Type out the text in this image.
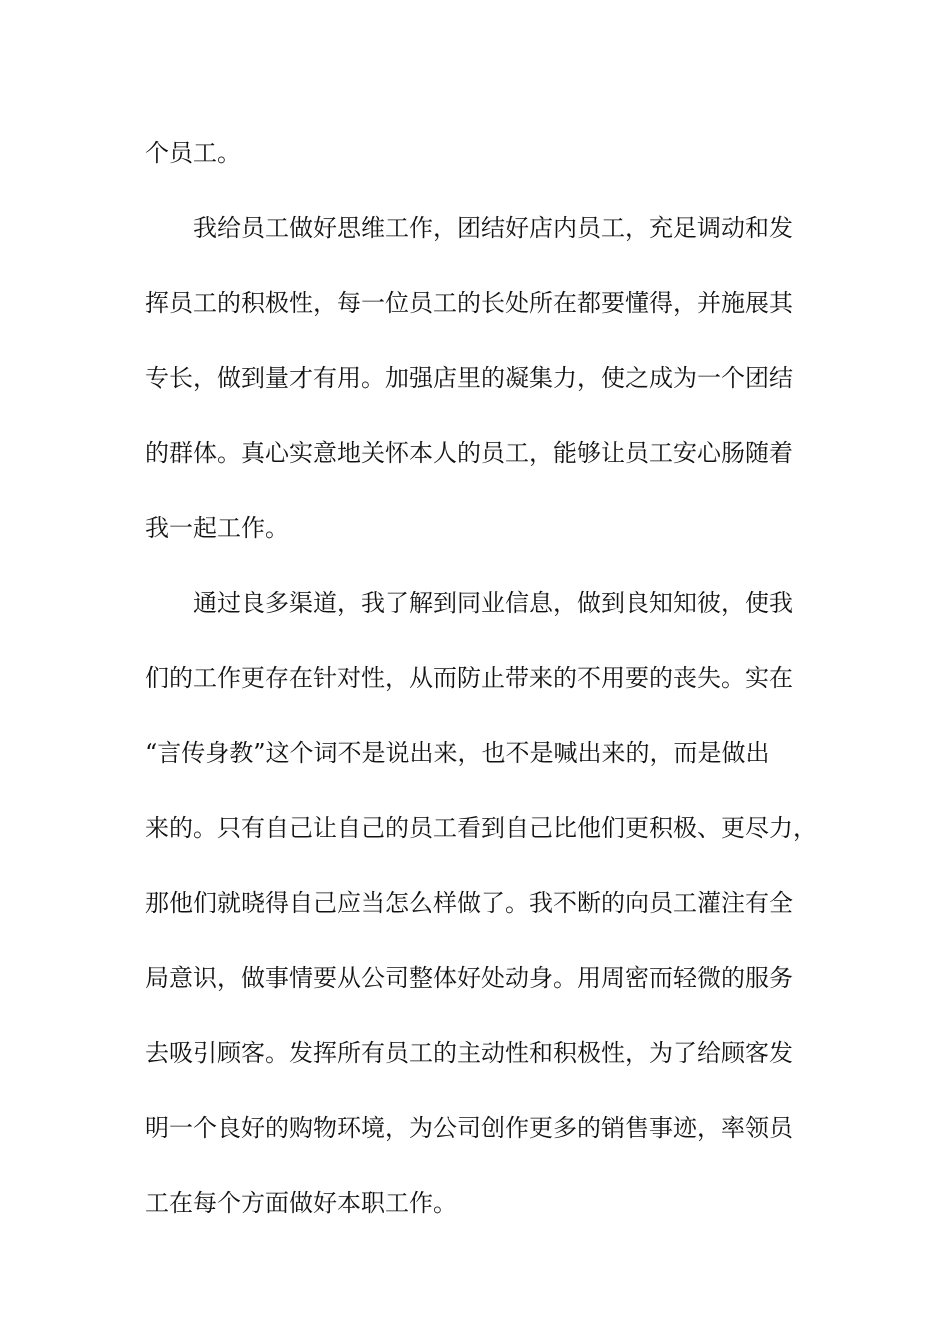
个员工。
我给员工做好思维工作，团结好店内员工，充足调动和发
挥员工的积极性，每一位员工的长处所在都要懂得，并施展其
专长，做到量才有用。加强店里的凝集力，使之成为一个团结
的群体。真心实意地关怀本人的员工，能够让员工安心肠随着
我一起工作。
通过良多渠道，我了解到同业信息，做到良知知彼，使我
们的工作更存在针对性，从而防止带来的不用要的丧失。实在
“言传身教”这个词不是说出来，也不是喊出来的，而是做出
来的。只有自己让自己的员工看到自己比他们更积极、更尽力，
那他们就晓得自己应当怎么样做了。我不断的向员工灌注有全
局意识，做事情要从公司整体好处动身。用周密而轻微的服务
去吸引顾客。发挥所有员工的主动性和积极性，为了给顾客发
明一个良好的购物环境，为公司创作更多的销售事迹，率领员
工在每个方面做好本职工作。
